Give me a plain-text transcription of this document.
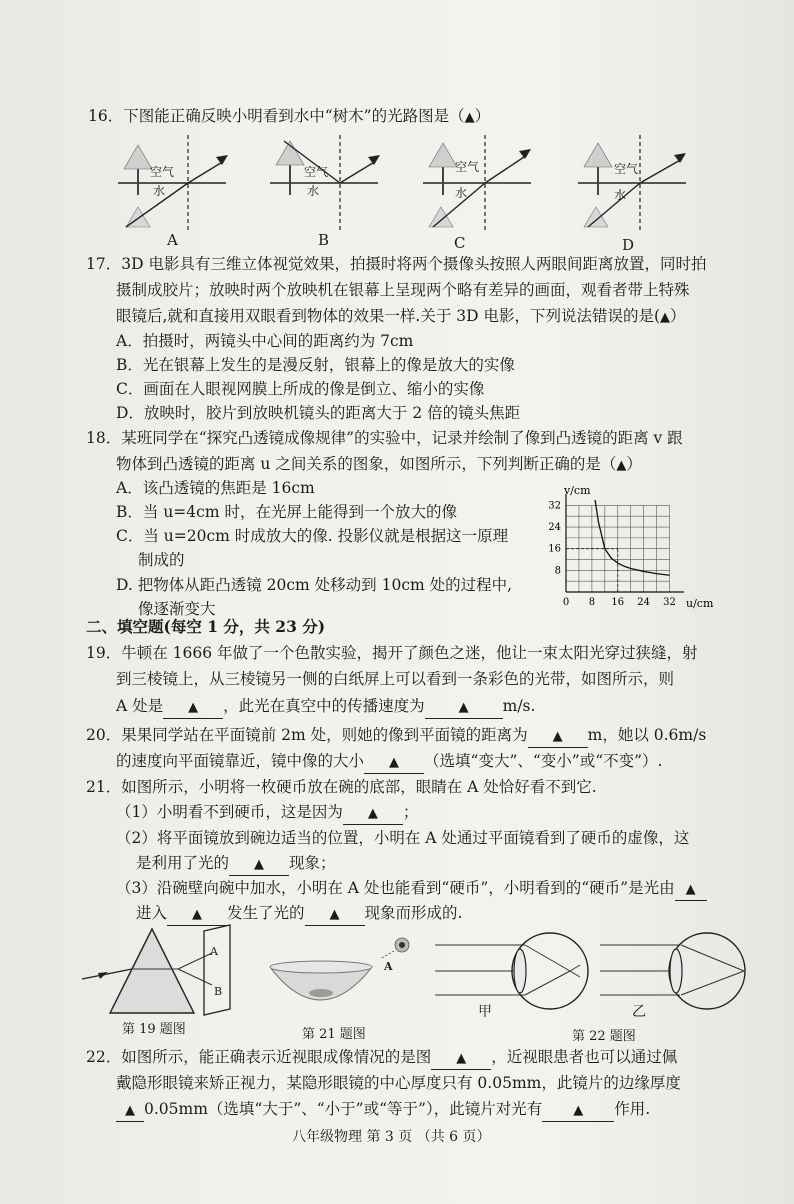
16．下图能正确反映小明看到水中“树木”的光路图是（▲）
空气
水
空气
水
空气
水
空气
水
A	B	C	D
17．3D 电影具有三维立体视觉效果，拍摄时将两个摄像头按照人两眼间距离放置，同时拍
摄制成胶片；放映时两个放映机在银幕上呈现两个略有差异的画面，观看者带上特殊
眼镜后,就和直接用双眼看到物体的效果一样.关于 3D 电影，下列说法错误的是(▲）
A．拍摄时，两镜头中心间的距离约为 7cm
B．光在银幕上发生的是漫反射，银幕上的像是放大的实像
C．画面在人眼视网膜上所成的像是倒立、缩小的实像
D．放映时，胶片到放映机镜头的距离大于 2 倍的镜头焦距
18．某班同学在“探究凸透镜成像规律”的实验中，记录并绘制了像到凸透镜的距离 v 跟
物体到凸透镜的距离 u 之间关系的图象，如图所示，下列判断正确的是（▲）
A．该凸透镜的焦距是 16cm
B．当 u=4cm 时，在光屏上能得到一个放大的像
C．当 u=20cm 时成放大的像. 投影仪就是根据这一原理
制成的
D. 把物体从距凸透镜 20cm 处移动到 10cm 处的过程中,
像逐渐变大	0 8 16 24 32
8
16
24
32
u/cm
v/cm
二、填空题(每空 1 分，共 23 分)
19．牛顿在 1666 年做了一个色散实验，揭开了颜色之迷，他让一束太阳光穿过狭缝，射
到三棱镜上，从三棱镜另一侧的白纸屏上可以看到一条彩色的光带，如图所示，则
A 处是 ▲ ，此光在真空中的传播速度为	▲ m/s.
20．果果同学站在平面镜前 2m 处，则她的像到平面镜的距离为 ▲ m，她以 0.6m/s
的速度向平面镜靠近，镜中像的大小 ▲ （选填“变大”、“变小”或“不变”）.
21．如图所示，小明将一枚硬币放在碗的底部，眼睛在 A 处恰好看不到它.
（1）小明看不到硬币，这是因为 ▲ ；
（2）将平面镜放到碗边适当的位置，小明在 A 处通过平面镜看到了硬币的虚像，这
是利用了光的 ▲ 现象；
（3）沿碗壁向碗中加水，小明在 A 处也能看到“硬币”，小明看到的“硬币”是光由 ▲
进入 ▲ 发生了光的 ▲ 现象而形成的.
A
B
A
甲	乙
第 19 题图	第 21 题图	第 22 题图
22．如图所示，能正确表示近视眼成像情况的是图 ▲ ，近视眼患者也可以通过佩
戴隐形眼镜来矫正视力，某隐形眼镜的中心厚度只有 0.05mm，此镜片的边缘厚度
▲ 0.05mm（选填“大于”、“小于”或“等于”），此镜片对光有 ▲ 作用.
八年级物理 第 3 页 （共 6 页）
